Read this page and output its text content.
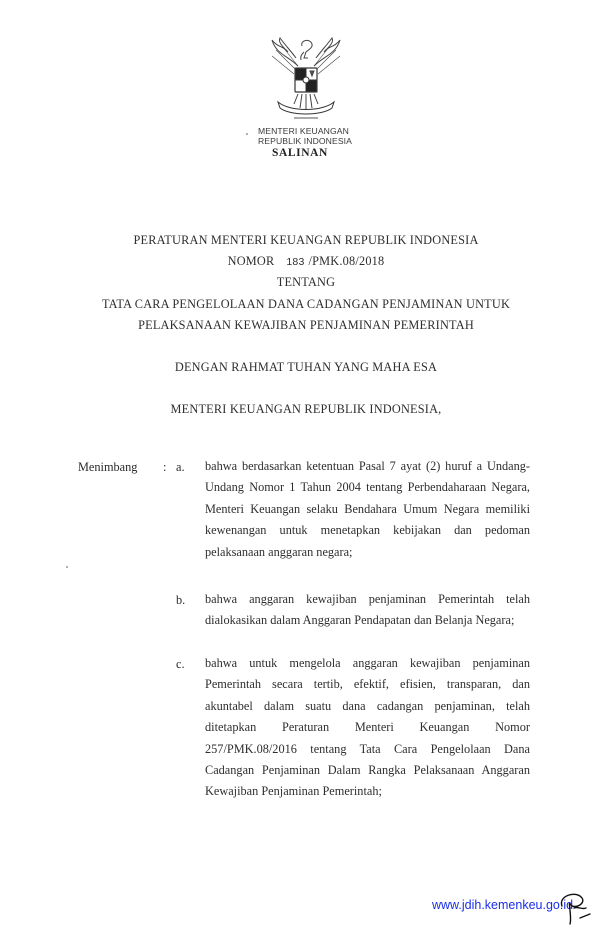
MENTERI KEUANGAN
REPUBLIK INDONESIA
SALINAN
PERATURAN MENTERI KEUANGAN REPUBLIK INDONESIA
NOMOR 183 /PMK.08/2018
TENTANG
TATA CARA PENGELOLAAN DANA CADANGAN PENJAMINAN UNTUK
PELAKSANAAN KEWAJIBAN PENJAMINAN PEMERINTAH
DENGAN RAHMAT TUHAN YANG MAHA ESA
MENTERI KEUANGAN REPUBLIK INDONESIA,
Menimbang : a. bahwa berdasarkan ketentuan Pasal 7 ayat (2) huruf a Undang-Undang Nomor 1 Tahun 2004 tentang Perbendaharaan Negara, Menteri Keuangan selaku Bendahara Umum Negara memiliki kewenangan untuk menetapkan kebijakan dan pedoman pelaksanaan anggaran negara;
b. bahwa anggaran kewajiban penjaminan Pemerintah telah dialokasikan dalam Anggaran Pendapatan dan Belanja Negara;
c. bahwa untuk mengelola anggaran kewajiban penjaminan Pemerintah secara tertib, efektif, efisien, transparan, dan akuntabel dalam suatu dana cadangan penjaminan, telah ditetapkan Peraturan Menteri Keuangan Nomor 257/PMK.08/2016 tentang Tata Cara Pengelolaan Dana Cadangan Penjaminan Dalam Rangka Pelaksanaan Anggaran Kewajiban Penjaminan Pemerintah;
www.jdih.kemenkeu.go.id
